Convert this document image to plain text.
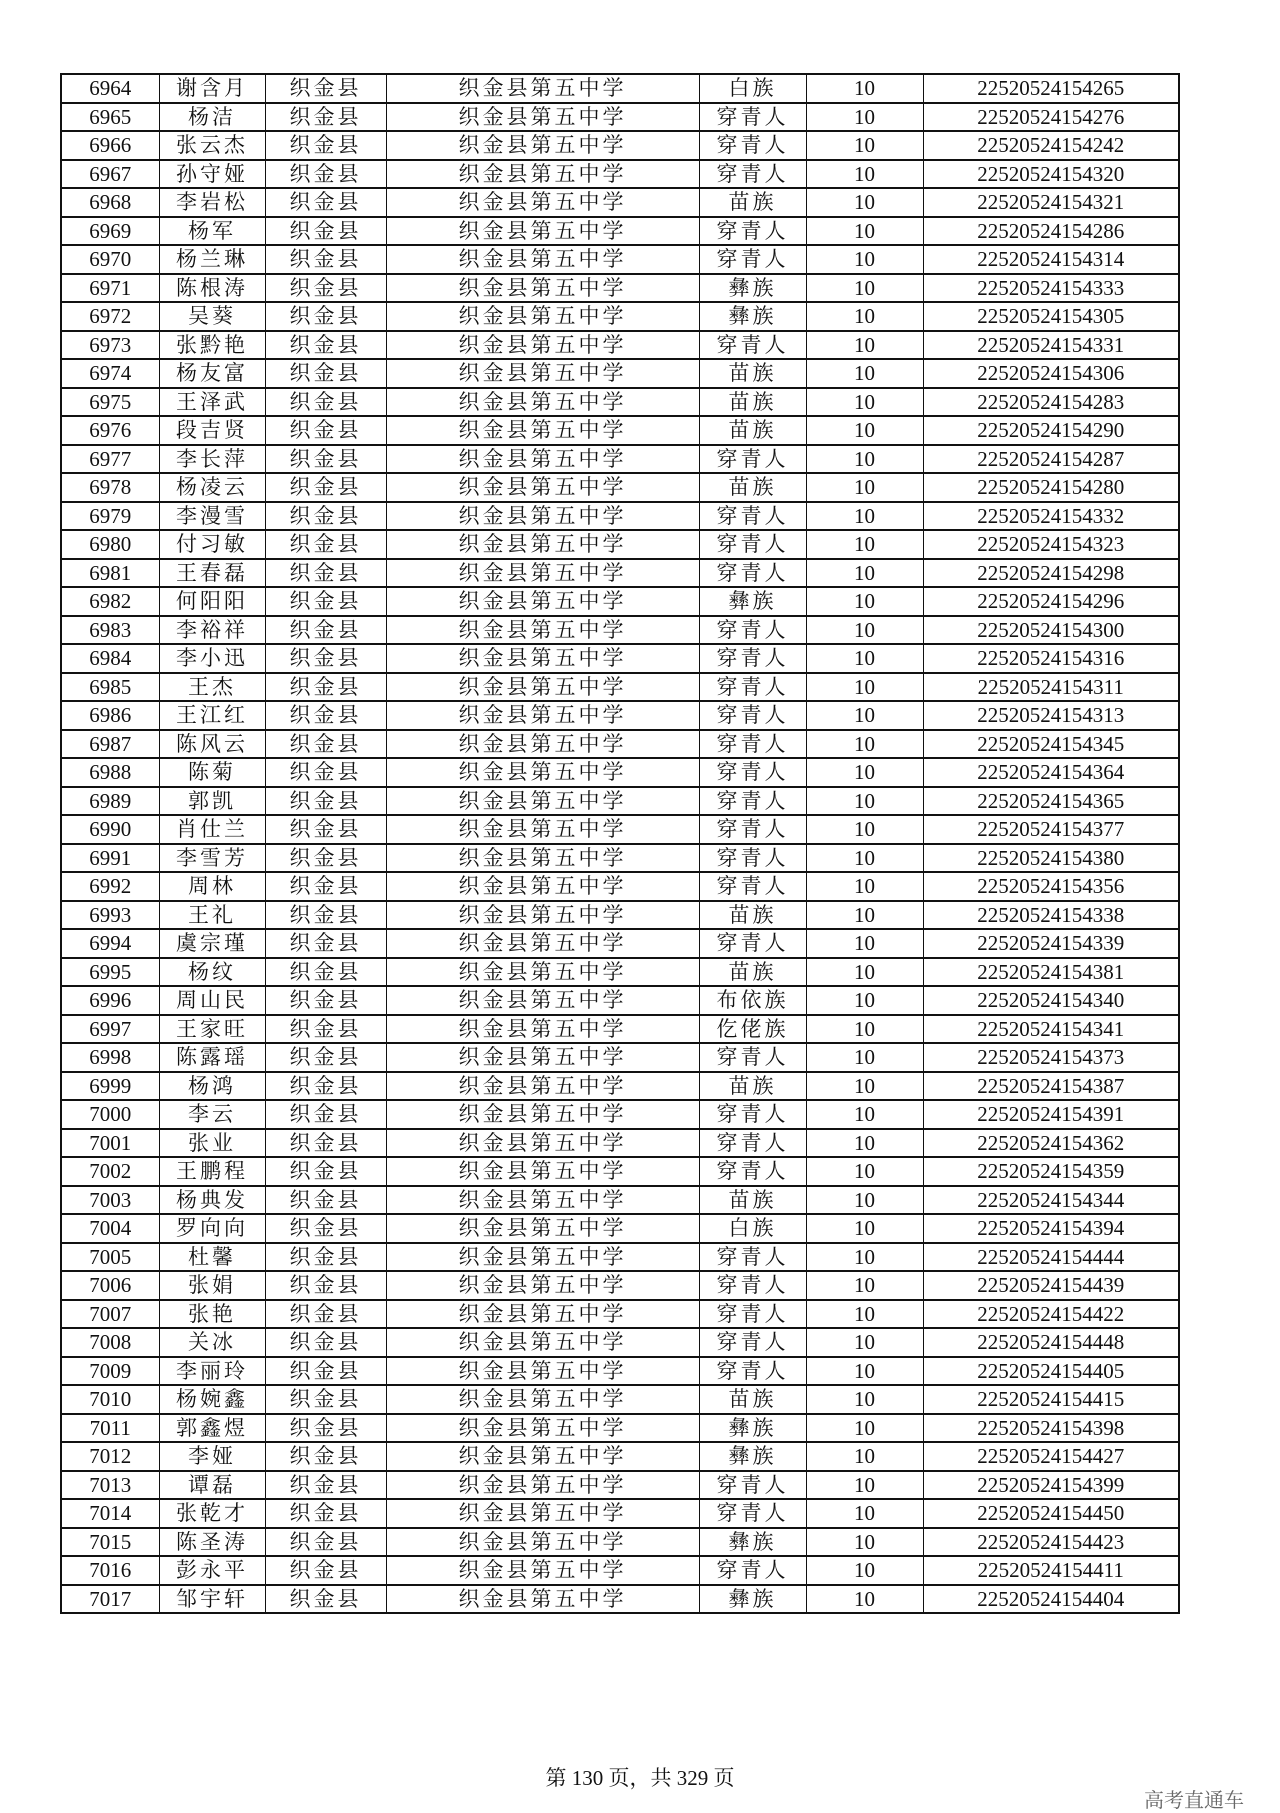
6964	谢含月	织金县	织金县第五中学	白族	10	22520524154265
6965	杨洁	织金县	织金县第五中学	穿青人	10	22520524154276
6966	张云杰	织金县	织金县第五中学	穿青人	10	22520524154242
6967	孙守娅	织金县	织金县第五中学	穿青人	10	22520524154320
6968	李岩松	织金县	织金县第五中学	苗族	10	22520524154321
6969	杨军	织金县	织金县第五中学	穿青人	10	22520524154286
6970	杨兰琳	织金县	织金县第五中学	穿青人	10	22520524154314
6971	陈根涛	织金县	织金县第五中学	彝族	10	22520524154333
6972	吴葵	织金县	织金县第五中学	彝族	10	22520524154305
6973	张黔艳	织金县	织金县第五中学	穿青人	10	22520524154331
6974	杨友富	织金县	织金县第五中学	苗族	10	22520524154306
6975	王泽武	织金县	织金县第五中学	苗族	10	22520524154283
6976	段吉贤	织金县	织金县第五中学	苗族	10	22520524154290
6977	李长萍	织金县	织金县第五中学	穿青人	10	22520524154287
6978	杨凌云	织金县	织金县第五中学	苗族	10	22520524154280
6979	李漫雪	织金县	织金县第五中学	穿青人	10	22520524154332
6980	付习敏	织金县	织金县第五中学	穿青人	10	22520524154323
6981	王春磊	织金县	织金县第五中学	穿青人	10	22520524154298
6982	何阳阳	织金县	织金县第五中学	彝族	10	22520524154296
6983	李裕祥	织金县	织金县第五中学	穿青人	10	22520524154300
6984	李小迅	织金县	织金县第五中学	穿青人	10	22520524154316
6985	王杰	织金县	织金县第五中学	穿青人	10	22520524154311
6986	王江红	织金县	织金县第五中学	穿青人	10	22520524154313
6987	陈风云	织金县	织金县第五中学	穿青人	10	22520524154345
6988	陈菊	织金县	织金县第五中学	穿青人	10	22520524154364
6989	郭凯	织金县	织金县第五中学	穿青人	10	22520524154365
6990	肖仕兰	织金县	织金县第五中学	穿青人	10	22520524154377
6991	李雪芳	织金县	织金县第五中学	穿青人	10	22520524154380
6992	周林	织金县	织金县第五中学	穿青人	10	22520524154356
6993	王礼	织金县	织金县第五中学	苗族	10	22520524154338
6994	虞宗瑾	织金县	织金县第五中学	穿青人	10	22520524154339
6995	杨纹	织金县	织金县第五中学	苗族	10	22520524154381
6996	周山民	织金县	织金县第五中学	布依族	10	22520524154340
6997	王家旺	织金县	织金县第五中学	仡佬族	10	22520524154341
6998	陈露瑶	织金县	织金县第五中学	穿青人	10	22520524154373
6999	杨鸿	织金县	织金县第五中学	苗族	10	22520524154387
7000	李云	织金县	织金县第五中学	穿青人	10	22520524154391
7001	张业	织金县	织金县第五中学	穿青人	10	22520524154362
7002	王鹏程	织金县	织金县第五中学	穿青人	10	22520524154359
7003	杨典发	织金县	织金县第五中学	苗族	10	22520524154344
7004	罗向向	织金县	织金县第五中学	白族	10	22520524154394
7005	杜馨	织金县	织金县第五中学	穿青人	10	22520524154444
7006	张娟	织金县	织金县第五中学	穿青人	10	22520524154439
7007	张艳	织金县	织金县第五中学	穿青人	10	22520524154422
7008	关冰	织金县	织金县第五中学	穿青人	10	22520524154448
7009	李丽玲	织金县	织金县第五中学	穿青人	10	22520524154405
7010	杨婉鑫	织金县	织金县第五中学	苗族	10	22520524154415
7011	郭鑫煜	织金县	织金县第五中学	彝族	10	22520524154398
7012	李娅	织金县	织金县第五中学	彝族	10	22520524154427
7013	谭磊	织金县	织金县第五中学	穿青人	10	22520524154399
7014	张乾才	织金县	织金县第五中学	穿青人	10	22520524154450
7015	陈圣涛	织金县	织金县第五中学	彝族	10	22520524154423
7016	彭永平	织金县	织金县第五中学	穿青人	10	22520524154411
7017	邹宇轩	织金县	织金县第五中学	彝族	10	22520524154404
第 130 页，共 329 页
高考直通车
